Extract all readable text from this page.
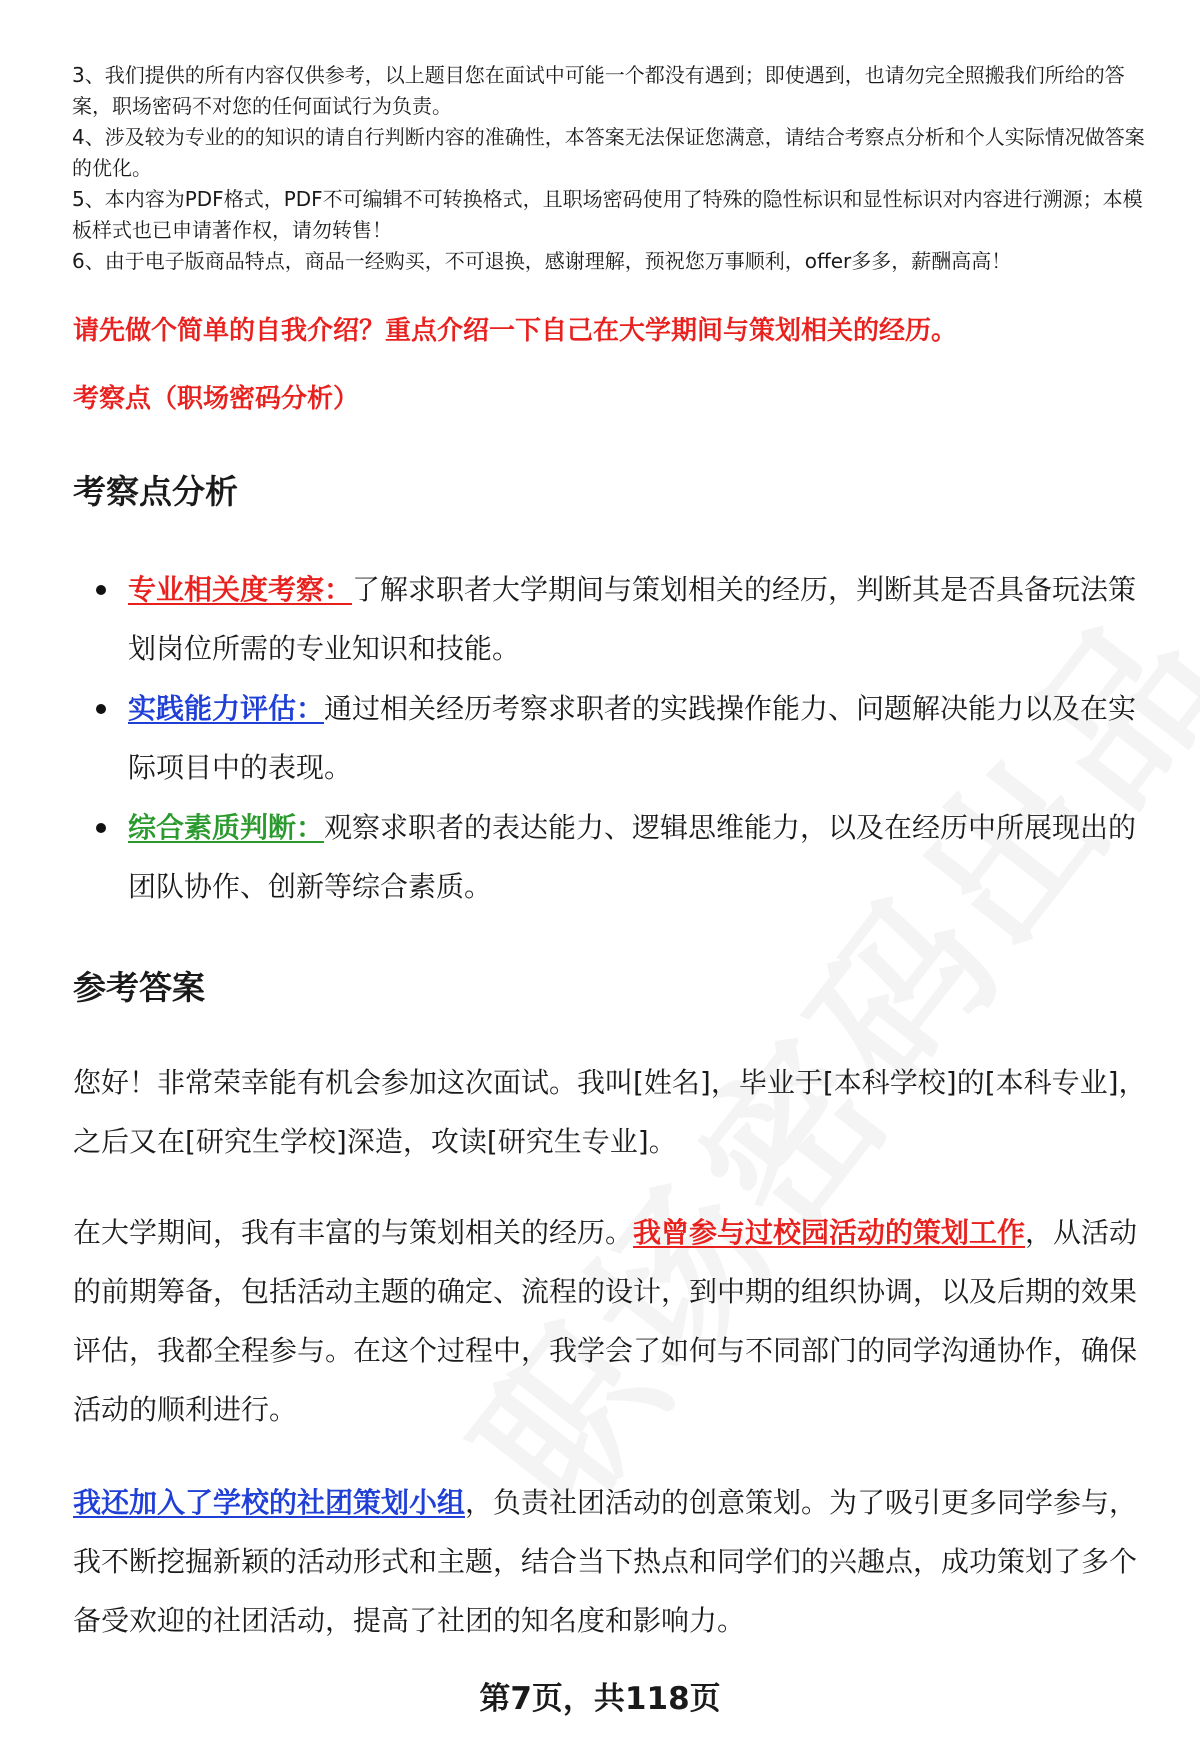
3、我们提供的所有内容仅供参考，以上题目您在面试中可能一个都没有遇到；即使遇到，也请勿完全照搬我们所给的答案，职场密码不对您的任何面试行为负责。

4、涉及较为专业的的知识的请自行判断内容的准确性，本答案无法保证您满意，请结合考察点分析和个人实际情况做答案的优化。

5、本内容为PDF格式，PDF不可编辑不可转换格式，且职场密码使用了特殊的隐性标识和显性标识对内容进行溯源；本模板样式也已申请著作权，请勿转售！

6、由于电子版商品特点，商品一经购买，不可退换，感谢理解，预祝您万事顺利，offer多多，薪酬高高！

请先做个简单的自我介绍？重点介绍一下自己在大学期间与策划相关的经历。

考察点（职场密码分析）

考察点分析
专业相关度考察：了解求职者大学期间与策划相关的经历，判断其是否具备玩法策划岗位所需的专业知识和技能。
实践能力评估：通过相关经历考察求职者的实践操作能力、问题解决能力以及在实际项目中的表现。
综合素质判断：观察求职者的表达能力、逻辑思维能力，以及在经历中所展现出的团队协作、创新等综合素质。
参考答案

您好！非常荣幸能有机会参加这次面试。我叫[姓名]，毕业于[本科学校]的[本科专业]，之后又在[研究生学校]深造，攻读[研究生专业]。

在大学期间，我有丰富的与策划相关的经历。我曾参与过校园活动的策划工作，从活动的前期筹备，包括活动主题的确定、流程的设计，到中期的组织协调，以及后期的效果评估，我都全程参与。在这个过程中，我学会了如何与不同部门的同学沟通协作，确保活动的顺利进行。

我还加入了学校的社团策划小组，负责社团活动的创意策划。为了吸引更多同学参与，我不断挖掘新颖的活动形式和主题，结合当下热点和同学们的兴趣点，成功策划了多个备受欢迎的社团活动，提高了社团的知名度和影响力。

第7页，共118页
